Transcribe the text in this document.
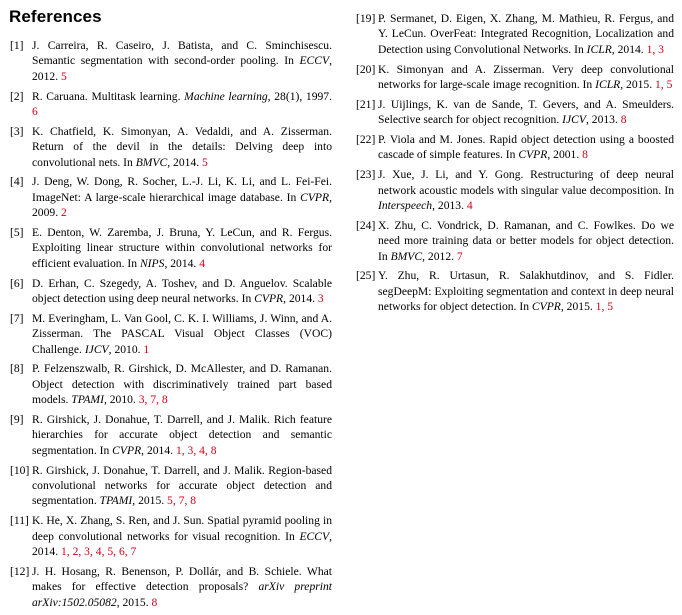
References
[1] J. Carreira, R. Caseiro, J. Batista, and C. Sminchisescu. Semantic segmentation with second-order pooling. In ECCV, 2012. 5
[2] R. Caruana. Multitask learning. Machine learning, 28(1), 1997. 6
[3] K. Chatfield, K. Simonyan, A. Vedaldi, and A. Zisserman. Return of the devil in the details: Delving deep into convolutional nets. In BMVC, 2014. 5
[4] J. Deng, W. Dong, R. Socher, L.-J. Li, K. Li, and L. Fei-Fei. ImageNet: A large-scale hierarchical image database. In CVPR, 2009. 2
[5] E. Denton, W. Zaremba, J. Bruna, Y. LeCun, and R. Fergus. Exploiting linear structure within convolutional networks for efficient evaluation. In NIPS, 2014. 4
[6] D. Erhan, C. Szegedy, A. Toshev, and D. Anguelov. Scalable object detection using deep neural networks. In CVPR, 2014. 3
[7] M. Everingham, L. Van Gool, C. K. I. Williams, J. Winn, and A. Zisserman. The PASCAL Visual Object Classes (VOC) Challenge. IJCV, 2010. 1
[8] P. Felzenszwalb, R. Girshick, D. McAllester, and D. Ramanan. Object detection with discriminatively trained part based models. TPAMI, 2010. 3, 7, 8
[9] R. Girshick, J. Donahue, T. Darrell, and J. Malik. Rich feature hierarchies for accurate object detection and semantic segmentation. In CVPR, 2014. 1, 3, 4, 8
[10] R. Girshick, J. Donahue, T. Darrell, and J. Malik. Region-based convolutional networks for accurate object detection and segmentation. TPAMI, 2015. 5, 7, 8
[11] K. He, X. Zhang, S. Ren, and J. Sun. Spatial pyramid pooling in deep convolutional networks for visual recognition. In ECCV, 2014. 1, 2, 3, 4, 5, 6, 7
[12] J. H. Hosang, R. Benenson, P. Dollár, and B. Schiele. What makes for effective detection proposals? arXiv preprint arXiv:1502.05082, 2015. 8
[19] P. Sermanet, D. Eigen, X. Zhang, M. Mathieu, R. Fergus, and Y. LeCun. OverFeat: Integrated Recognition, Localization and Detection using Convolutional Networks. In ICLR, 2014. 1, 3
[20] K. Simonyan and A. Zisserman. Very deep convolutional networks for large-scale image recognition. In ICLR, 2015. 1, 5
[21] J. Uijlings, K. van de Sande, T. Gevers, and A. Smeulders. Selective search for object recognition. IJCV, 2013. 8
[22] P. Viola and M. Jones. Rapid object detection using a boosted cascade of simple features. In CVPR, 2001. 8
[23] J. Xue, J. Li, and Y. Gong. Restructuring of deep neural network acoustic models with singular value decomposition. In Interspeech, 2013. 4
[24] X. Zhu, C. Vondrick, D. Ramanan, and C. Fowlkes. Do we need more training data or better models for object detection. In BMVC, 2012. 7
[25] Y. Zhu, R. Urtasun, R. Salakhutdinov, and S. Fidler. segDeepM: Exploiting segmentation and context in deep neural networks for object detection. In CVPR, 2015. 1, 5
